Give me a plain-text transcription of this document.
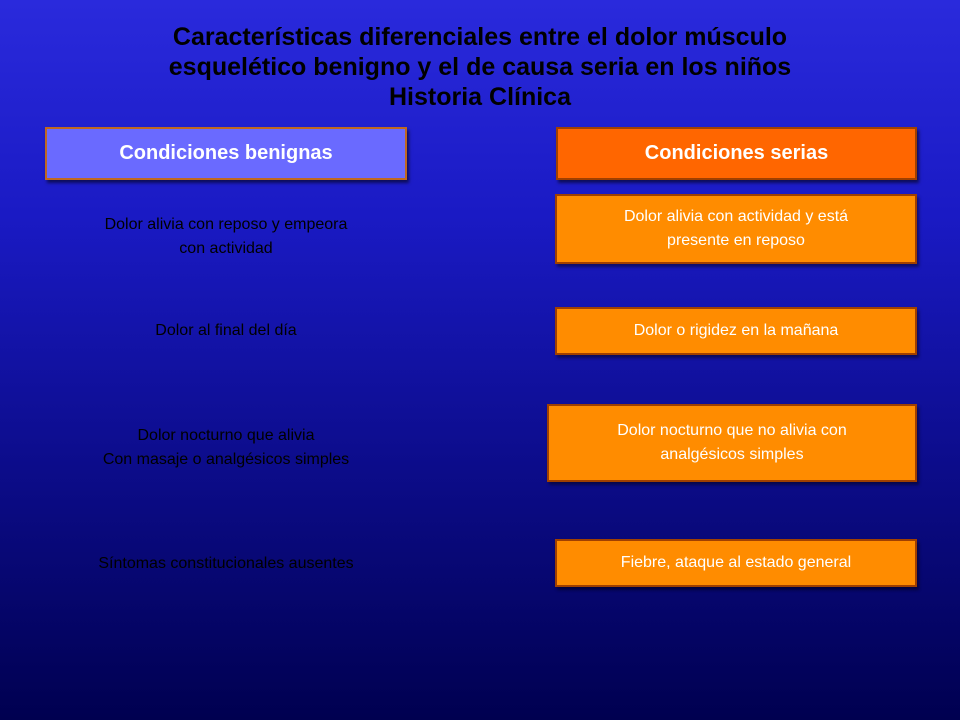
Características diferenciales entre el dolor músculo
esquelético benigno y el de causa seria en los niños
Historia Clínica
Condiciones benignas	Condiciones serias
Dolor alivia con reposo y empeora
con actividad
Dolor al final del día
Dolor nocturno que alivia
Con masaje o analgésicos simples
Síntomas constitucionales ausentes
Dolor alivia con actividad y está
presente en reposo
Dolor o rigidez en la mañana
Dolor nocturno que no alivia con
analgésicos simples
Fiebre, ataque al estado general
